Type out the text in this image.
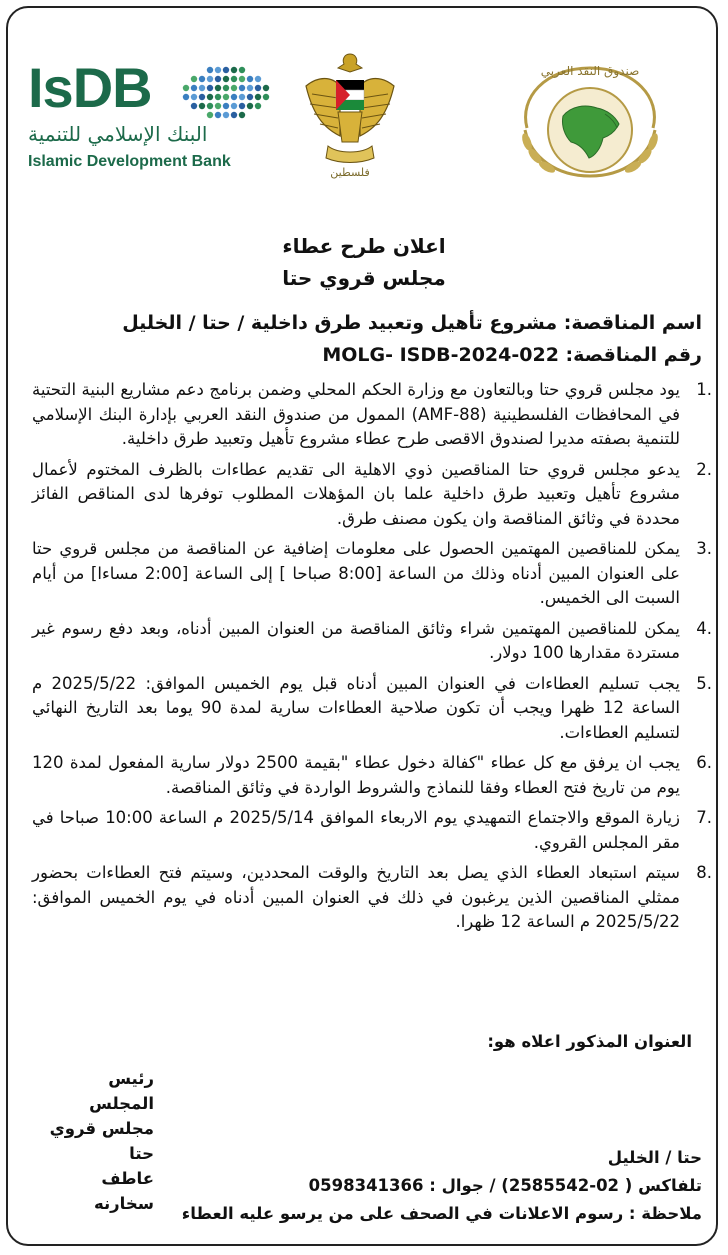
IsDB
البنك الإسلامي للتنمية
Islamic Development Bank
فلسطين
صندوق النقد العربي
اعلان طرح عطاء
مجلس قروي حتا
اسم المناقصة: مشروع تأهيل وتعبيد طرق داخلية / حتا / الخليل
رقم المناقصة: MOLG- ISDB-2024-022
.1
يود مجلس قروي حتا وبالتعاون مع وزارة الحكم المحلي وضمن برنامج دعم مشاريع البنية التحتية في المحافظات الفلسطينية (AMF-88) الممول من صندوق النقد العربي بإدارة البنك الإسلامي للتنمية بصفته مديرا لصندوق الاقصى طرح عطاء مشروع تأهيل وتعبيد طرق داخلية.
.2
يدعو مجلس قروي حتا المناقصين ذوي الاهلية الى تقديم عطاءات بالظرف المختوم لأعمال مشروع تأهيل وتعبيد طرق داخلية علما بان المؤهلات المطلوب توفرها لدى المناقص الفائز محددة في وثائق المناقصة وان يكون مصنف طرق.
.3
يمكن للمناقصين المهتمين الحصول على معلومات إضافية عن المناقصة من مجلس قروي حتا على العنوان المبين أدناه وذلك من الساعة [8:00 صباحا ] إلى الساعة [2:00 مساءا] من أيام السبت الى الخميس.
.4
يمكن للمناقصين المهتمين شراء وثائق المناقصة من العنوان المبين أدناه، وبعد دفع رسوم غير مستردة مقدارها 100 دولار.
.5
يجب تسليم العطاءات في العنوان المبين أدناه قبل يوم الخميس الموافق: 2025/5/22 م الساعة 12 ظهرا ويجب أن تكون صلاحية العطاءات سارية لمدة 90 يوما بعد التاريخ النهائي لتسليم العطاءات.
.6
يجب ان يرفق مع كل عطاء "كفالة دخول عطاء "بقيمة 2500 دولار سارية المفعول لمدة 120 يوم من تاريخ فتح العطاء وفقا للنماذج والشروط الواردة في وثائق المناقصة.
.7
زيارة الموقع والاجتماع التمهيدي يوم الاربعاء الموافق 2025/5/14 م الساعة 10:00 صباحا في مقر المجلس القروي.
.8
سيتم استبعاد العطاء الذي يصل بعد التاريخ والوقت المحددين، وسيتم فتح العطاءات بحضور ممثلي المناقصين الذين يرغبون في ذلك في العنوان المبين أدناه في يوم الخميس الموافق: 2025/5/22 م الساعة 12 ظهرا.
العنوان المذكور اعلاه هو:
رئيس المجلس
مجلس قروي حتا
عاطف سخارنه
حتا / الخليل
تلفاكس ( 02-2585542) / جوال : 0598341366
ملاحظة : رسوم الاعلانات في الصحف على من يرسو عليه العطاء
